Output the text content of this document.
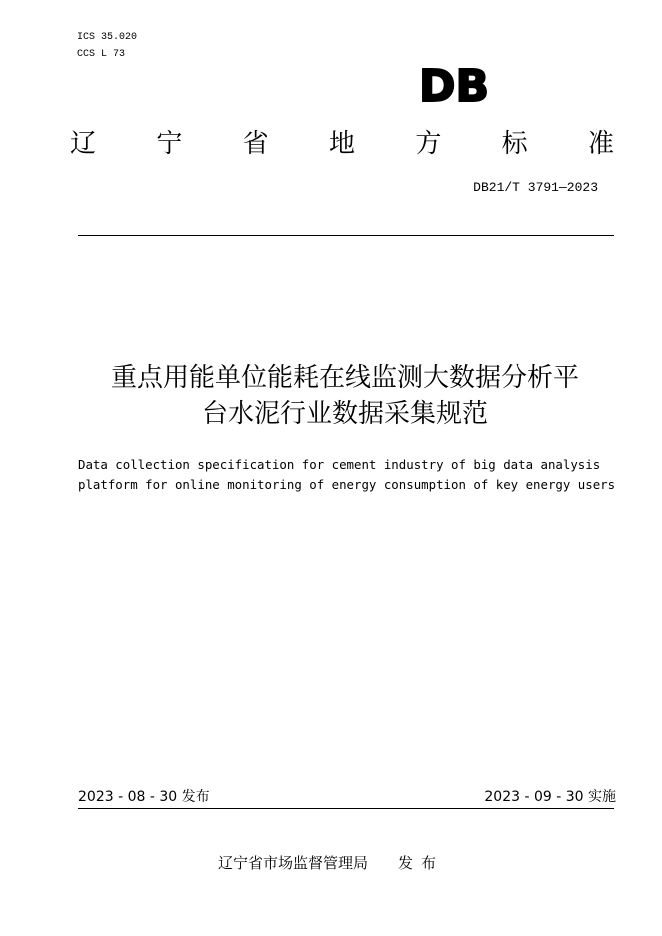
ICS 35.020
CCS L 73
DB
辽 宁 省 地 方 标 准
DB21/T 3791—2023
重点用能单位能耗在线监测大数据分析平
台水泥行业数据采集规范
Data collection specification for cement industry of big data analysis
platform for online monitoring of energy consumption of key energy users
2023 - 08 - 30 发布	2023 - 09 - 30 实施
辽宁省市场监督管理局 发布
